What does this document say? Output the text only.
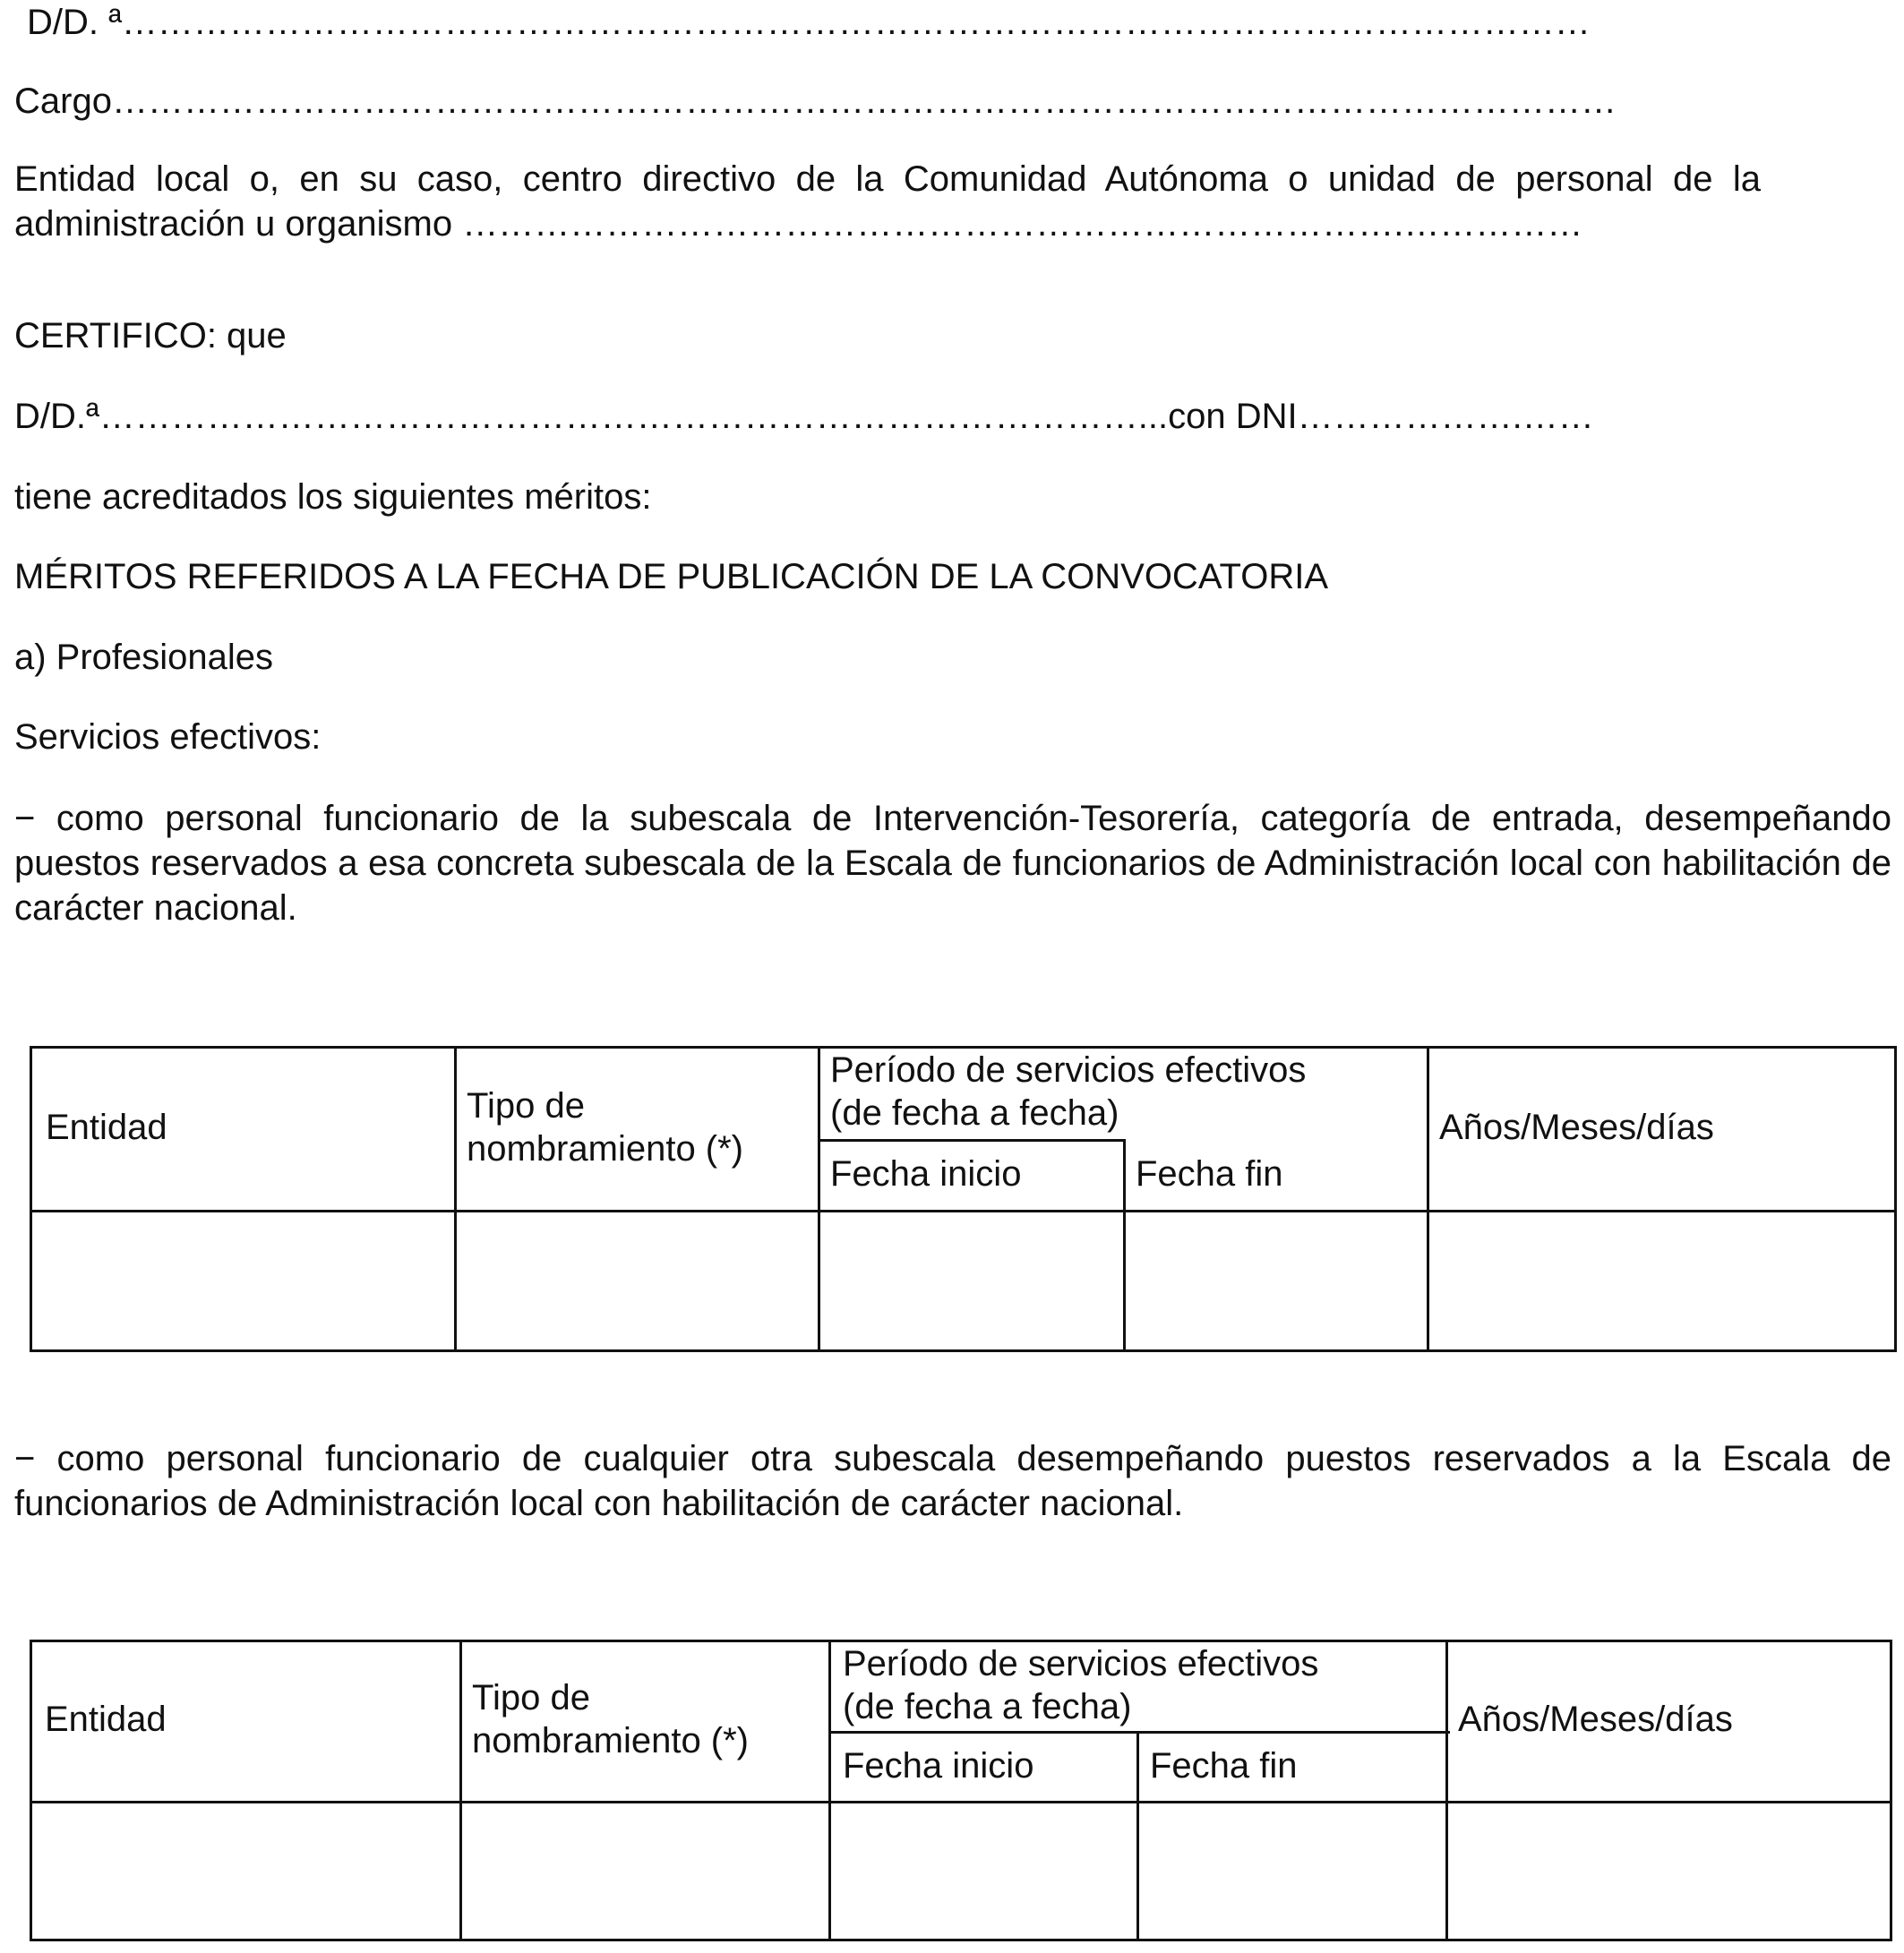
D/D. ª……………………………………………………………………………………………………………
Cargo………………………………………………………………………………………………………………
Entidad local o, en su caso, centro directivo de la Comunidad Autónoma o unidad de personal de la
administración u organismo …………………………………………………………………….……………
CERTIFICO: que
D/D.ª……………………………………………………………………………...con DNI……………….……
tiene acreditados los siguientes méritos:
MÉRITOS REFERIDOS A LA FECHA DE PUBLICACIÓN DE LA CONVOCATORIA
a) Profesionales
Servicios efectivos:
− como personal funcionario de la subescala de Intervención-Tesorería, categoría de entrada, desempeñando puestos reservados a esa concreta subescala de la Escala de funcionarios de Administración local con habilitación de carácter nacional.
Entidad
Tipo de
nombramiento (*)
Período de servicios efectivos
(de fecha a fecha)
Fecha inicio	Fecha fin
Años/Meses/días
− como personal funcionario de cualquier otra subescala desempeñando puestos reservados a la Escala de funcionarios de Administración local con habilitación de carácter nacional.
Entidad
Tipo de
nombramiento (*)
Período de servicios efectivos
(de fecha a fecha)
Fecha inicio	Fecha fin
Años/Meses/días
